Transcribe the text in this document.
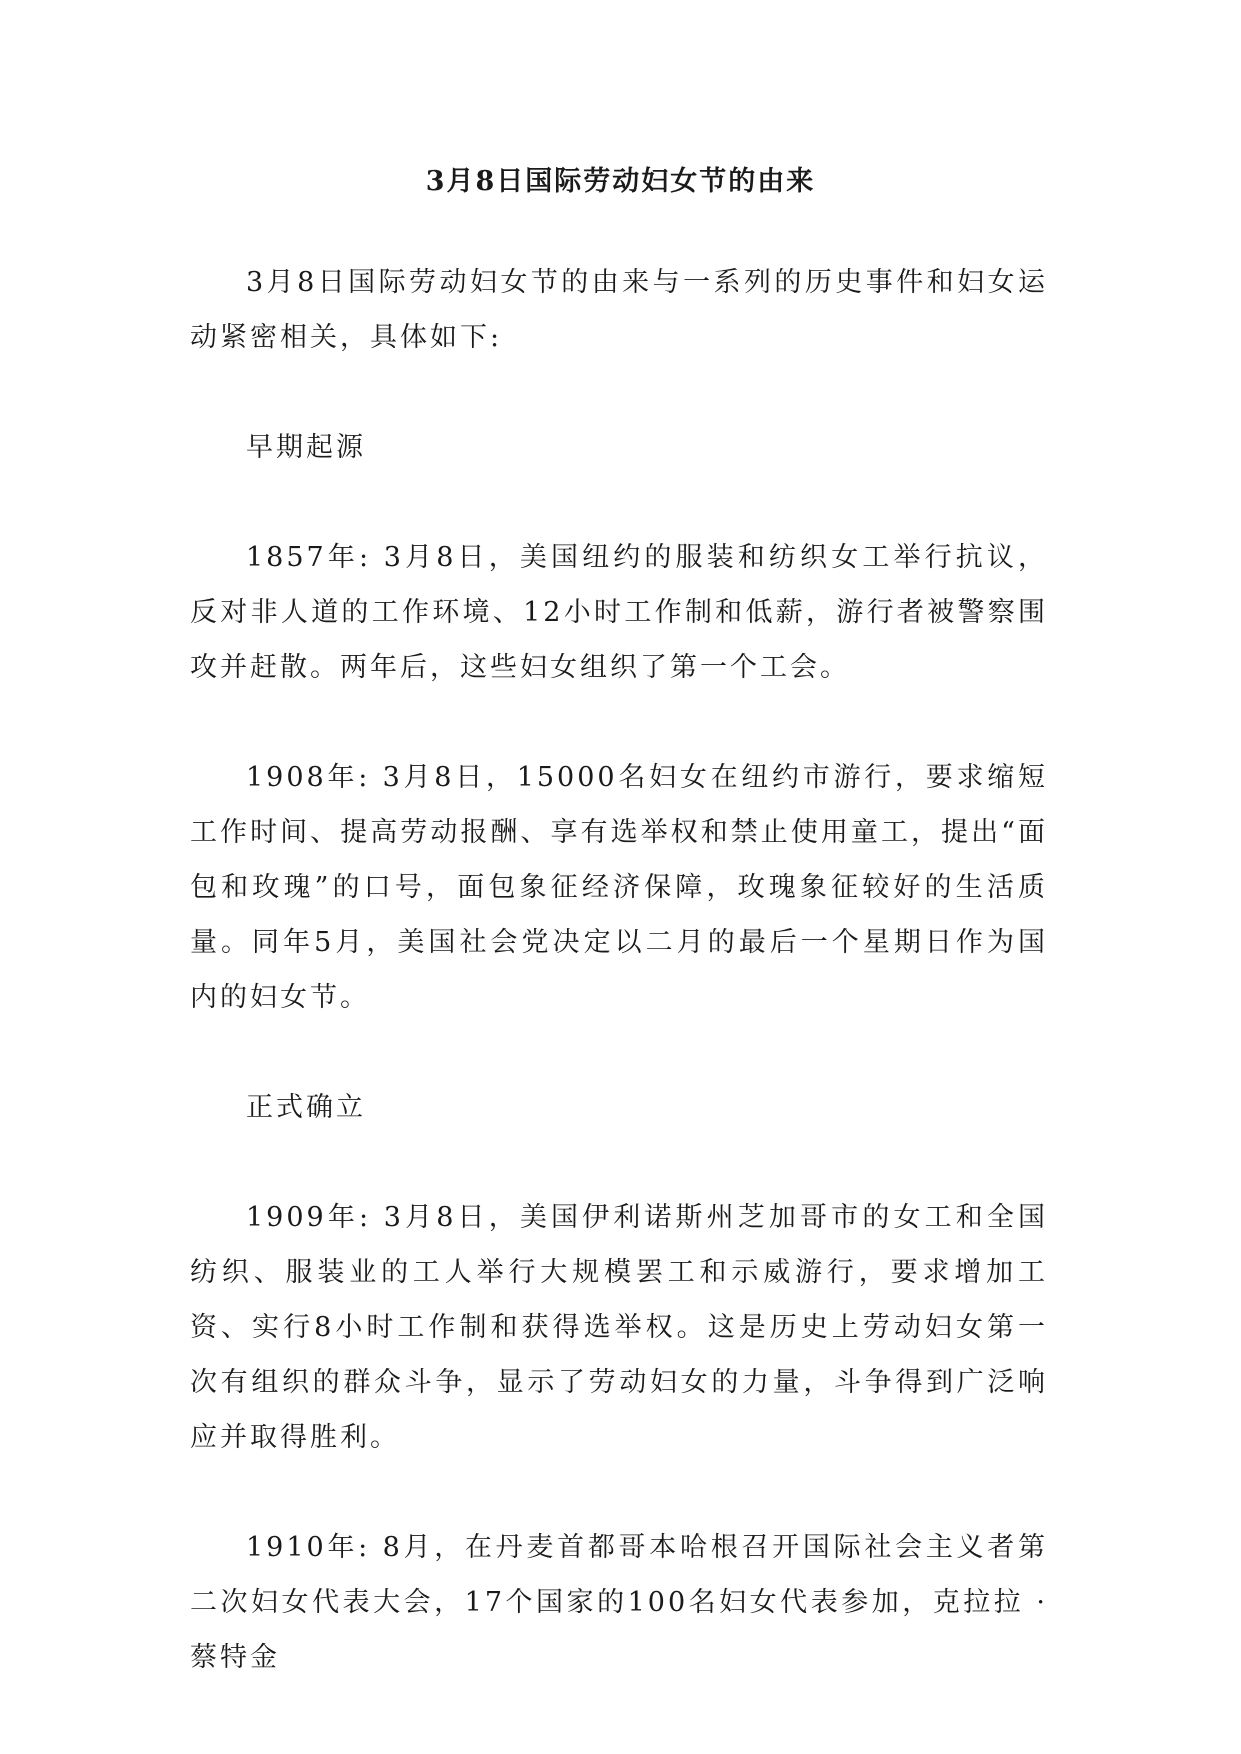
3月8日国际劳动妇女节的由来

3月8日国际劳动妇女节的由来与一系列的历史事件和妇女运动紧密相关，具体如下:

早期起源

1857年: 3月8日，美国纽约的服装和纺织女工举行抗议，反对非人道的工作环境、12小时工作制和低薪，游行者被警察围攻并赶散。两年后，这些妇女组织了第一个工会。

1908年: 3月8日，15000名妇女在纽约市游行，要求缩短工作时间、提高劳动报酬、享有选举权和禁止使用童工，提出“面包和玫瑰”的口号，面包象征经济保障，玫瑰象征较好的生活质量。同年5月，美国社会党决定以二月的最后一个星期日作为国内的妇女节。

正式确立

1909年: 3月8日，美国伊利诺斯州芝加哥市的女工和全国纺织、服装业的工人举行大规模罢工和示威游行，要求增加工资、实行8小时工作制和获得选举权。这是历史上劳动妇女第一次有组织的群众斗争，显示了劳动妇女的力量，斗争得到广泛响应并取得胜利。

1910年: 8月，在丹麦首都哥本哈根召开国际社会主义者第二次妇女代表大会，17个国家的100名妇女代表参加，克拉拉 · 蔡特金
